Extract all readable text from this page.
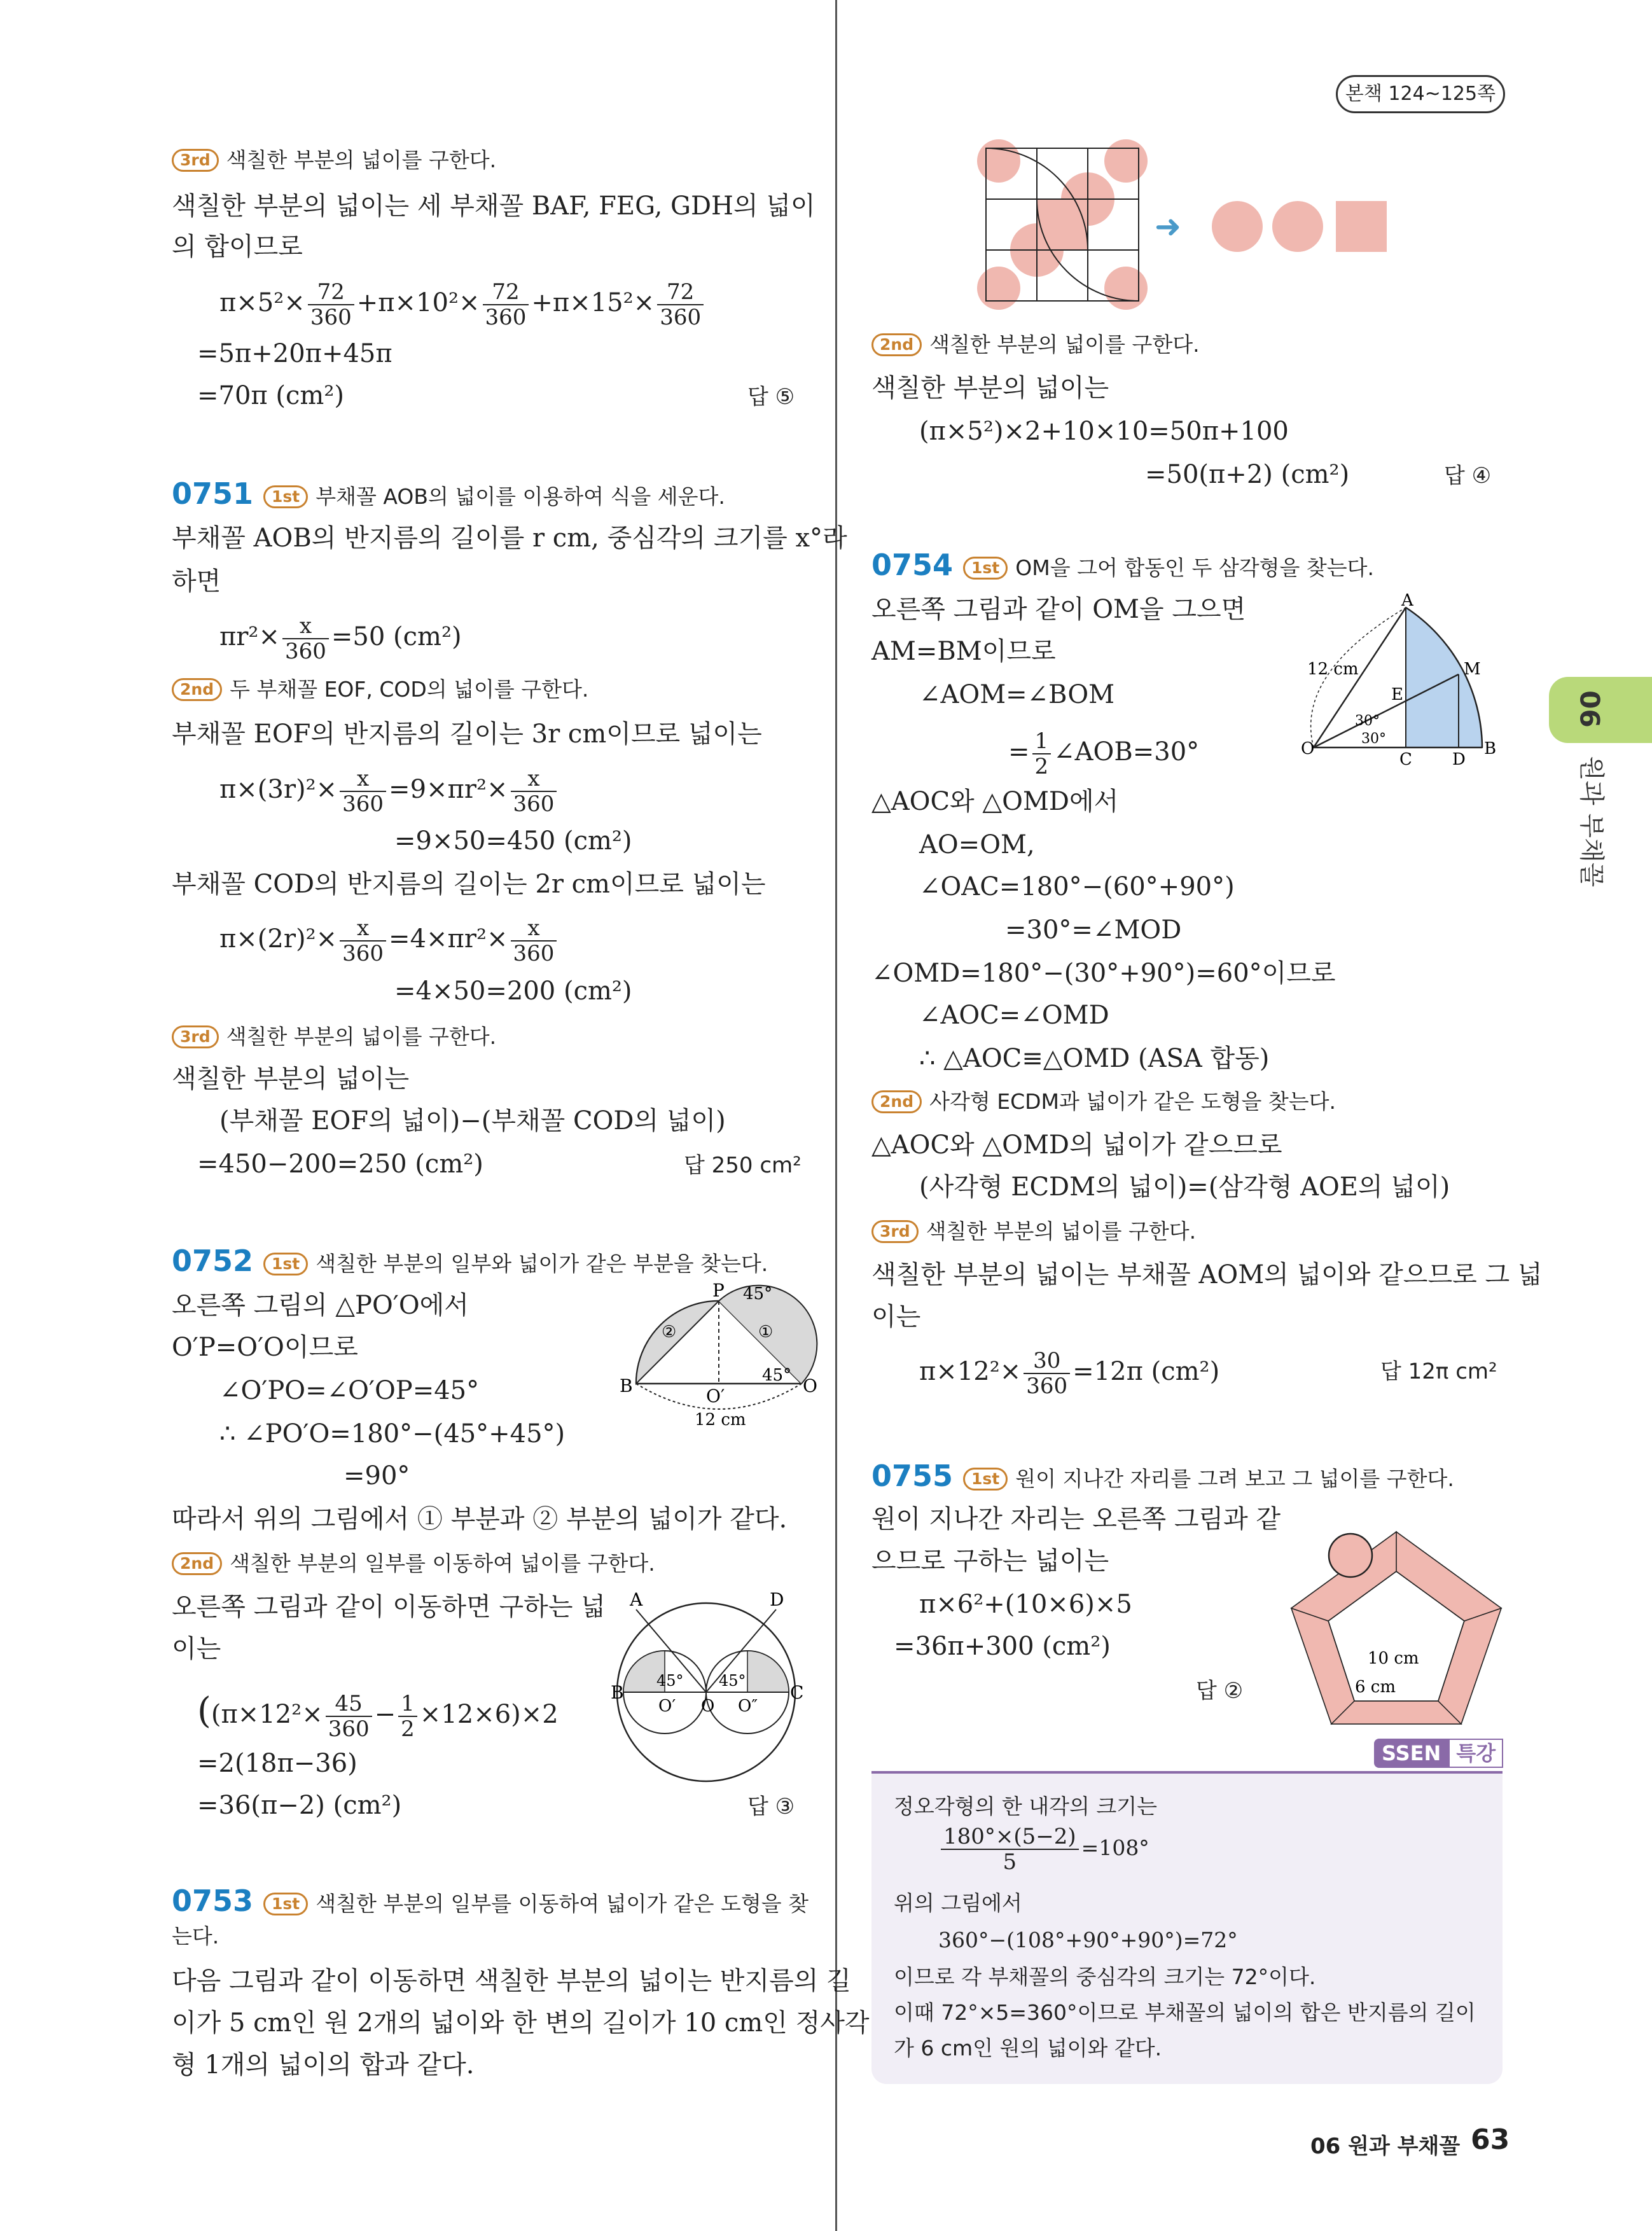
본책 124~125쪽
06
원과 부채꼴
3rd 색칠한 부분의 넓이를 구한다.
색칠한 부분의 넓이는 세 부채꼴 BAF, FEG, GDH의 넓이
의 합이므로
$\pi\times 5^2\times \frac{72}{360} +\pi\times 10^2\times \frac{72}{360} +\pi\times 15^2\times \frac{72}{360}$
=5π+20π+45π
=70π (cm²)	답 ⑤
0751 1st 부채꼴 AOB의 넓이를 이용하여 식을 세운다.
부채꼴 AOB의 반지름의 길이를 r cm, 중심각의 크기를 x°라
하면
$\pi r^2\times \frac{x}{360} =50$ (cm²)
2nd 두 부채꼴 EOF, COD의 넓이를 구한다.
부채꼴 EOF의 반지름의 길이는 3r cm이므로 넓이는
$\pi\times(3r)^2\times \frac{x}{360} =9\times\pi r^2\times \frac{x}{360}$
=9×50=450 (cm²)
부채꼴 COD의 반지름의 길이는 2r cm이므로 넓이는
$\pi\times(2r)^2\times \frac{x}{360} =4\times\pi r^2\times \frac{x}{360}$
=4×50=200 (cm²)
3rd 색칠한 부분의 넓이를 구한다.
색칠한 부분의 넓이는
(부채꼴 EOF의 넓이)−(부채꼴 COD의 넓이)
=450−200=250 (cm²)	답 250 cm²
0752 1st 색칠한 부분의 일부와 넓이가 같은 부분을 찾는다.
오른쪽 그림의 △PO′O에서
O′P=O′O이므로
∠O′PO=∠O′OP=45°
∴ ∠PO′O=180°−(45°+45°)
=90°
P 45°
B	O
O′
45°
①
②
12 cm
따라서 위의 그림에서 ① 부분과 ② 부분의 넓이가 같다.
2nd 색칠한 부분의 일부를 이동하여 넓이를 구한다.
오른쪽 그림과 같이 이동하면 구하는 넓
이는
A	D
B	C
O′ O O″
45° 45°
($(\pi\times 12^2\times \frac{45}{360} - \frac{1}{2} \times 12\times 6)\times 2$
=2(18π−36)
=36(π−2) (cm²)	답 ③
0753 1st 색칠한 부분의 일부를 이동하여 넓이가 같은 도형을 찾
는다.
다음 그림과 같이 이동하면 색칠한 부분의 넓이는 반지름의 길
이가 5 cm인 원 2개의 넓이와 한 변의 길이가 10 cm인 정사각
형 1개의 넓이의 합과 같다.
➜
2nd 색칠한 부분의 넓이를 구한다.
색칠한 부분의 넓이는
(π×5²)×2+10×10=50π+100
=50(π+2) (cm²)	답 ④
0754 1st OM을 그어 합동인 두 삼각형을 찾는다.
오른쪽 그림과 같이 OM을 그으면
AM=BM이므로
∠AOM=∠BOM
= $\frac{1}{2}$ ∠AOB=30°
A
M
E
O
C D
B
12 cm
30°
30°
△AOC와 △OMD에서
AO=OM,
∠OAC=180°−(60°+90°)
=30°=∠MOD
∠OMD=180°−(30°+90°)=60°이므로
∠AOC=∠OMD
∴ △AOC≡△OMD (ASA 합동)
2nd 사각형 ECDM과 넓이가 같은 도형을 찾는다.
△AOC와 △OMD의 넓이가 같으므로
(사각형 ECDM의 넓이)=(삼각형 AOE의 넓이)
3rd 색칠한 부분의 넓이를 구한다.
색칠한 부분의 넓이는 부채꼴 AOM의 넓이와 같으므로 그 넓
이는
$\pi\times 12^2\times \frac{30}{360} =12\pi$ (cm²)	답 12π cm²
0755 1st 원이 지나간 자리를 그려 보고 그 넓이를 구한다.
원이 지나간 자리는 오른쪽 그림과 같
으므로 구하는 넓이는
π×6²+(10×6)×5
=36π+300 (cm²)
답 ②
10 cm
6 cm
SSEN 특강
정오각형의 한 내각의 크기는
$\frac{180^\circ\times(5-2)}{5} =108^\circ$
위의 그림에서
360°−(108°+90°+90°)=72°
이므로 각 부채꼴의 중심각의 크기는 72°이다.
이때 72°×5=360°이므로 부채꼴의 넓이의 합은 반지름의 길이
가 6 cm인 원의 넓이와 같다.
06 원과 부채꼴 63
